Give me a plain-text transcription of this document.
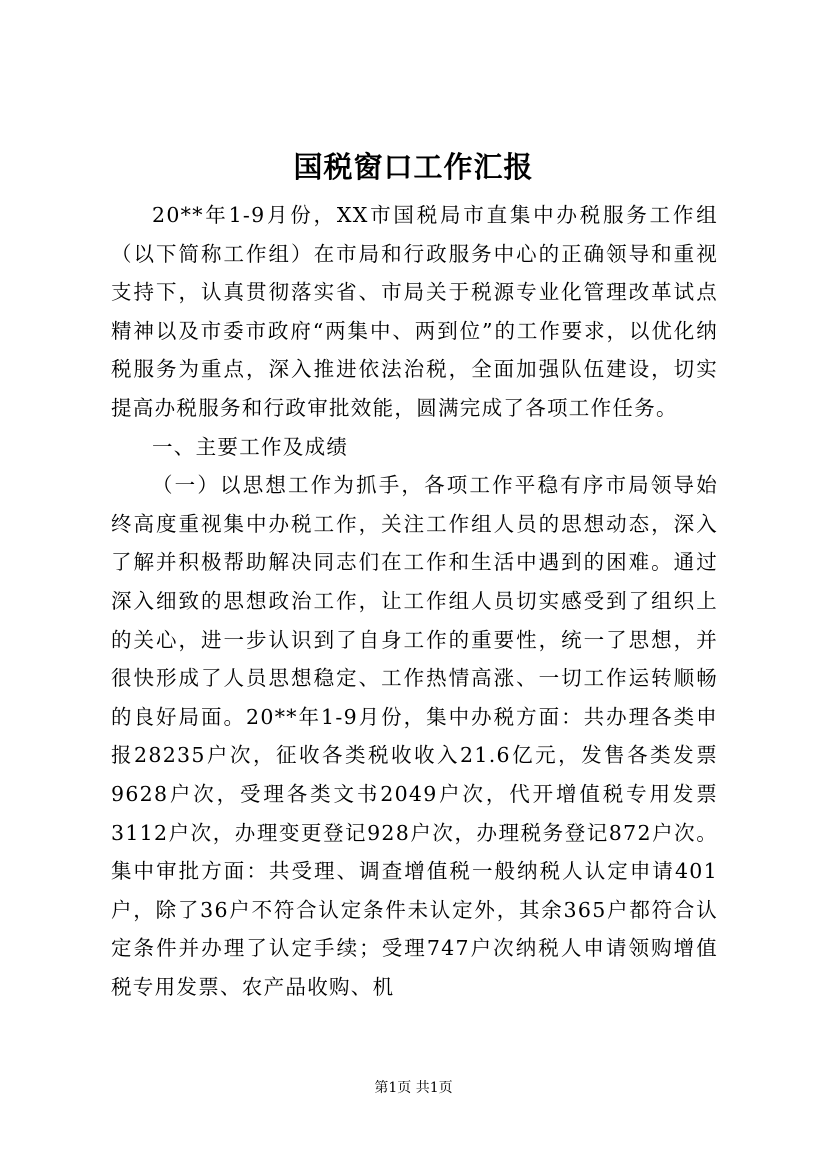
国税窗口工作汇报

20**年1-9月份，XX市国税局市直集中办税服务工作组（以下简称工作组）在市局和行政服务中心的正确领导和重视支持下，认真贯彻落实省、市局关于税源专业化管理改革试点精神以及市委市政府“两集中、两到位”的工作要求，以优化纳税服务为重点，深入推进依法治税，全面加强队伍建设，切实提高办税服务和行政审批效能，圆满完成了各项工作任务。

一、主要工作及成绩

（一）以思想工作为抓手，各项工作平稳有序市局领导始终高度重视集中办税工作，关注工作组人员的思想动态，深入了解并积极帮助解决同志们在工作和生活中遇到的困难。通过深入细致的思想政治工作，让工作组人员切实感受到了组织上的关心，进一步认识到了自身工作的重要性，统一了思想，并很快形成了人员思想稳定、工作热情高涨、一切工作运转顺畅的良好局面。20**年1-9月份，集中办税方面：共办理各类申报28235户次，征收各类税收收入21.6亿元，发售各类发票9628户次，受理各类文书2049户次，代开增值税专用发票3112户次，办理变更登记928户次，办理税务登记872户次。集中审批方面：共受理、调查增值税一般纳税人认定申请401户，除了36户不符合认定条件未认定外，其余365户都符合认定条件并办理了认定手续；受理747户次纳税人申请领购增值税专用发票、农产品收购、机

第1页 共1页
